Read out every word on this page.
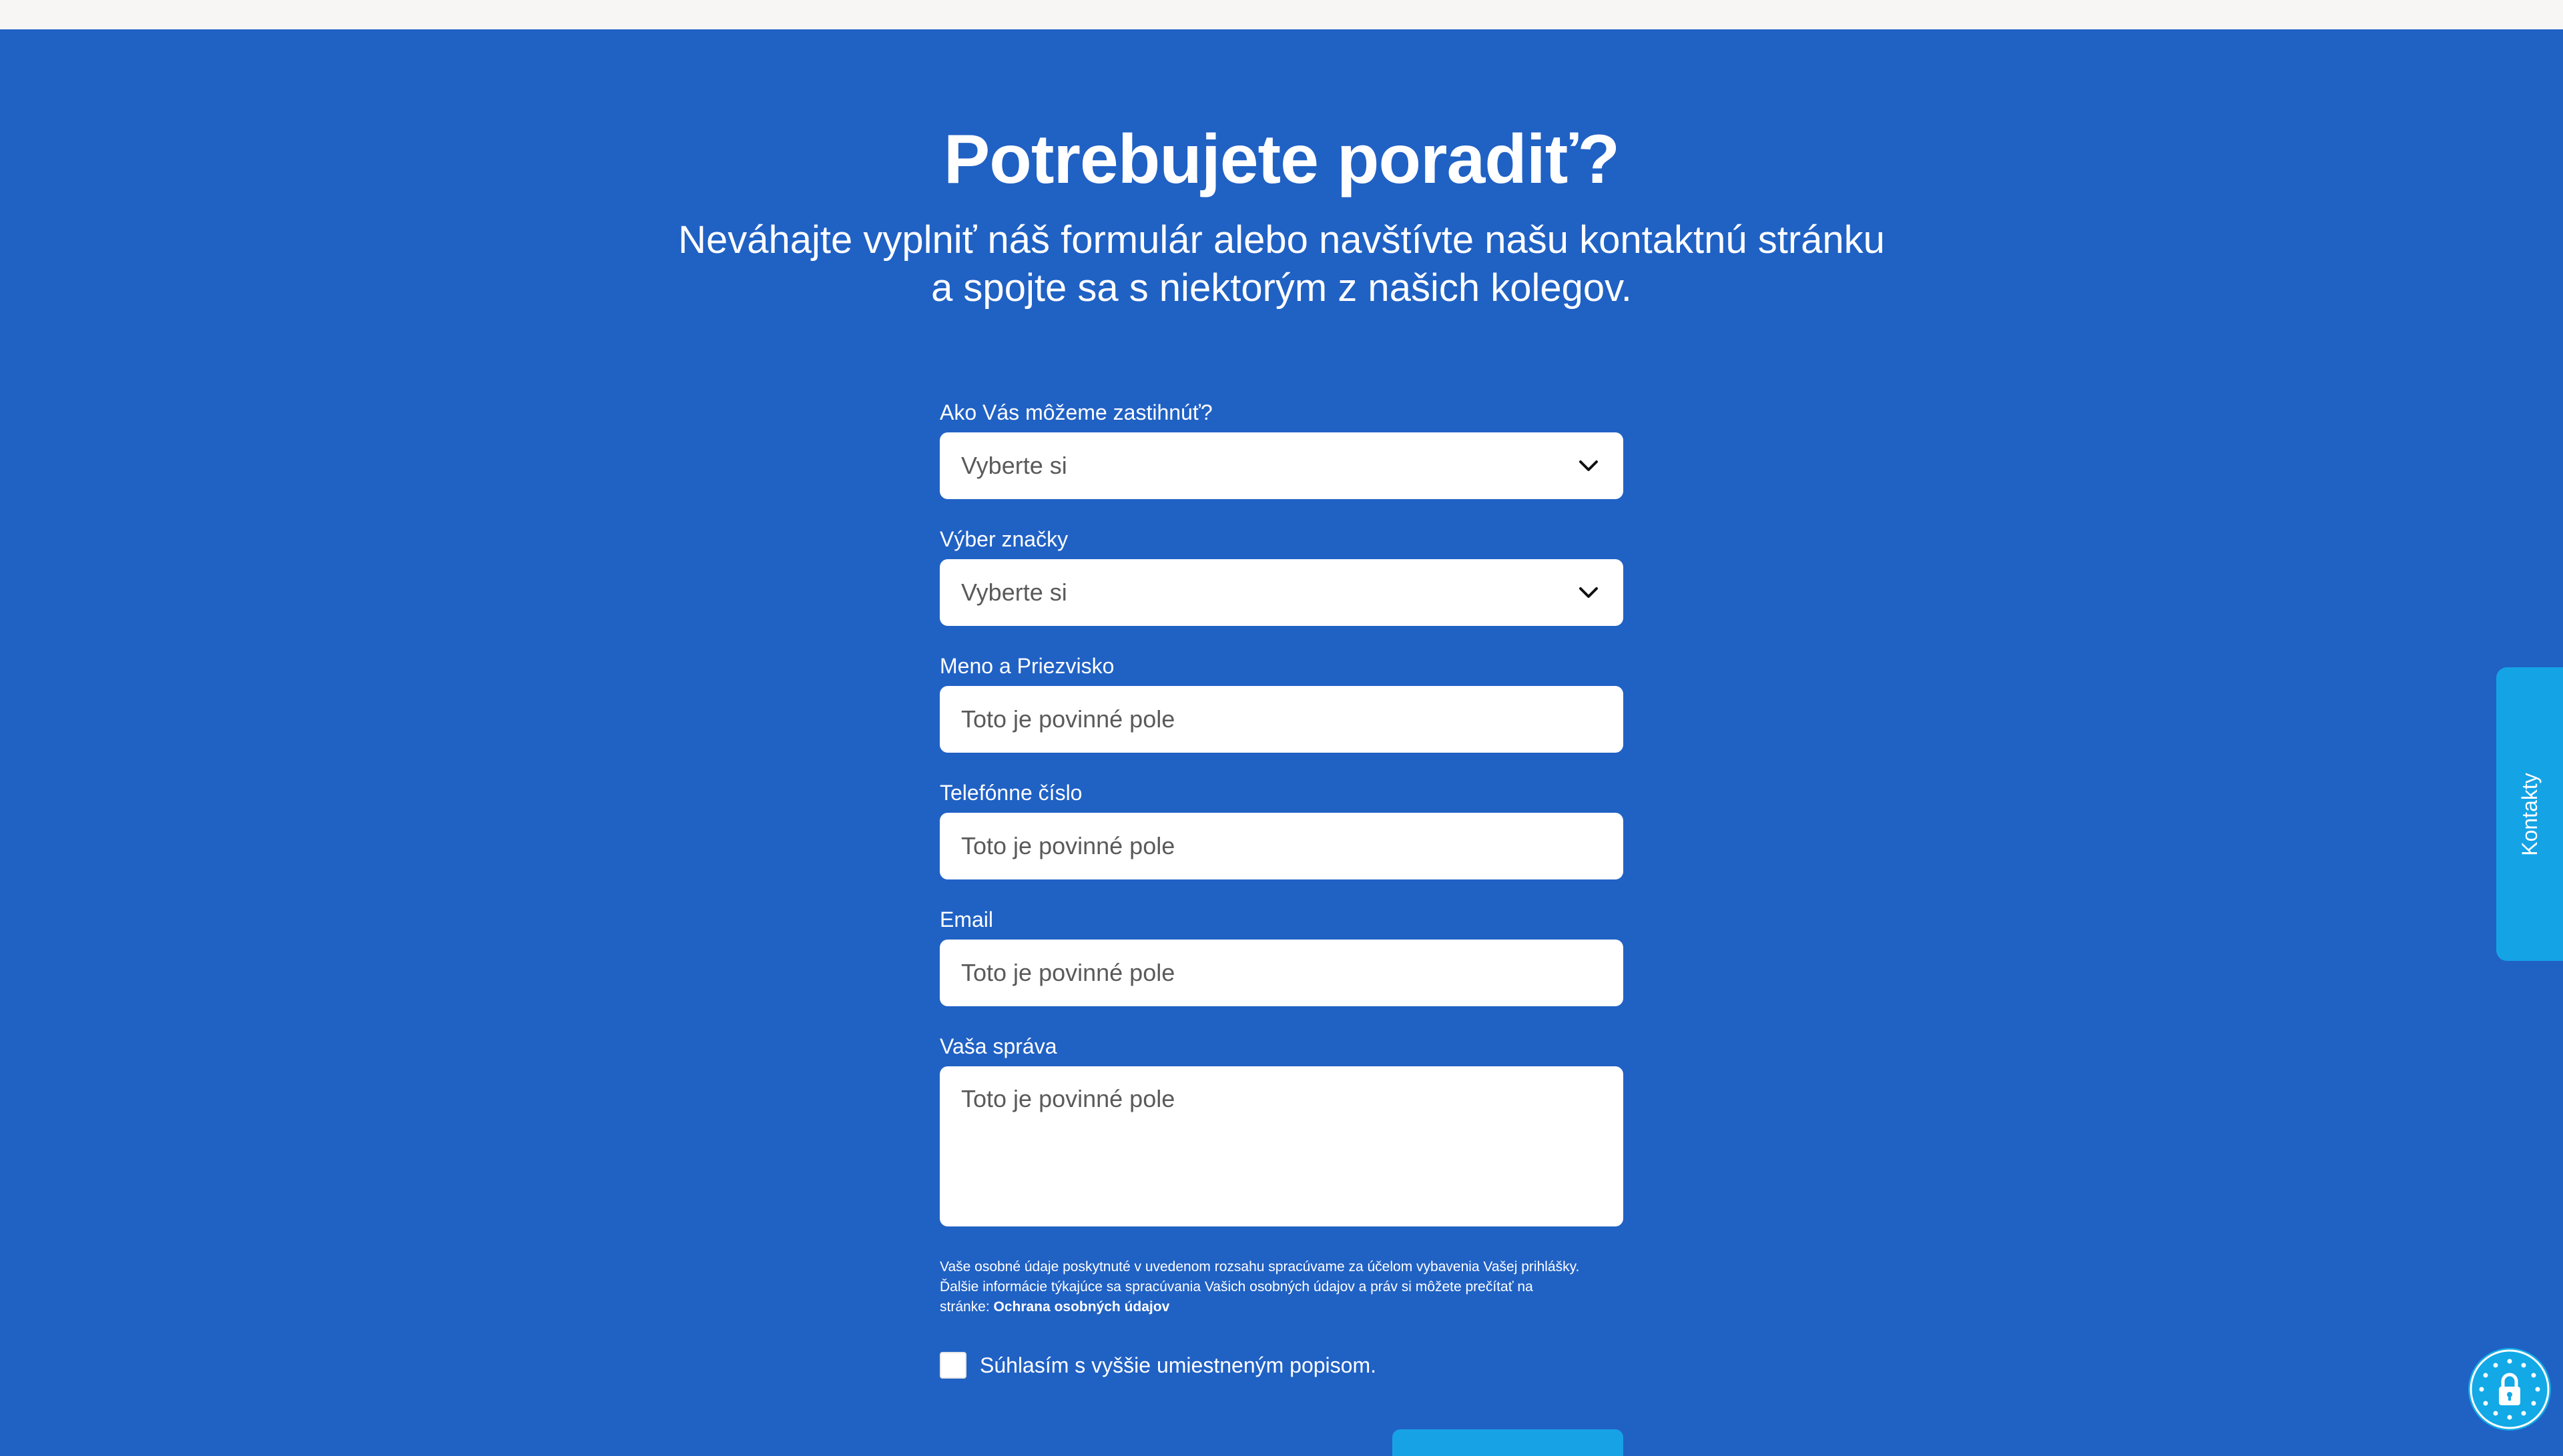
Potrebujete poradiť?
Neváhajte vyplniť náš formulár alebo navštívte našu kontaktnú stránku
a spojte sa s niektorým z našich kolegov.
Ako Vás môžeme zastihnúť?
Vyberte si
Výber značky
Vyberte si
Meno a Priezvisko
Toto je povinné pole
Telefónne číslo
Toto je povinné pole
Email
Toto je povinné pole
Vaša správa
Toto je povinné pole
Vaše osobné údaje poskytnuté v uvedenom rozsahu spracúvame za účelom vybavenia Vašej prihlášky.
Ďalšie informácie týkajúce sa spracúvania Vašich osobných údajov a práv si môžete prečítať na
stránke: Ochrana osobných údajov
Súhlasím s vyššie umiestneným popisom.
Kontakty
